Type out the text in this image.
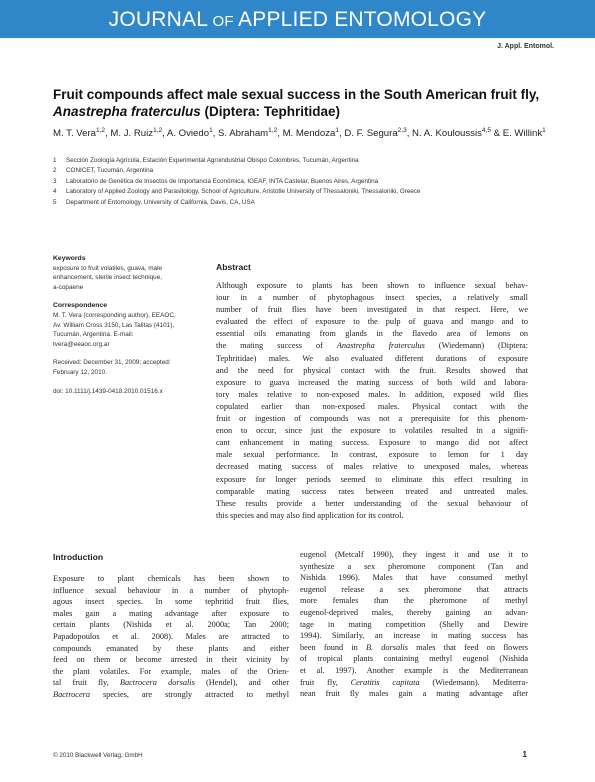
JOURNAL OF APPLIED ENTOMOLOGY
J. Appl. Entomol.
Fruit compounds affect male sexual success in the South American fruit fly, Anastrepha fraterculus (Diptera: Tephritidae)
M. T. Vera$^{1,2}$, M. J. Ruiz$^{1,2}$, A. Oviedo$^1$, S. Abraham$^{1,2}$, M. Mendoza$^1$, D. F. Segura$^{2,3}$, N. A. Kouloussis$^{4,5}$ & E. Willink$^1$
1	Sección Zoología Agrícola, Estación Experimental Agroindustrial Obispo Colombres, Tucumán, Argentina
2	CONICET, Tucumán, Argentina
3	Laboratorio de Genética de Insectos de Importancia Económica, IGEAF, INTA Castelar, Buenos Aires, Argentina
4	Laboratory of Applied Zoology and Parasitology, School of Agriculture, Aristotle University of Thessaloniki, Thessaloniki, Greece
5	Department of Entomology, University of California, Davis, CA, USA
Keywords
exposure to fruit volatiles, guava, male
enhancement, sterile insect technique,
a-copaene
Correspondence
M. T. Vera (corresponding author), EEAOC,
Av. William Cross 3150, Las Talitas (4101),
Tucumán, Argentina. E-mail:
tvera@eeaoc.org.ar
Received: December 31, 2009; accepted:
February 12, 2010.
doi: 10.1111/j.1439-0418.2010.01516.x
Abstract
Although exposure to plants has been shown to influence sexual behav-
iour in a number of phytophagous insect species, a relatively small
number of fruit flies have been investigated in that respect. Here, we
evaluated the effect of exposure to the pulp of guava and mango and to
essential oils emanating from glands in the flavedo area of lemons on
the mating success of Anastrepha fraterculus (Wiedemann) (Diptera:
Tephritidae) males. We also evaluated different durations of exposure
and the need for physical contact with the fruit. Results showed that
exposure to guava increased the mating success of both wild and labora-
tory males relative to non-exposed males. In addition, exposed wild flies
copulated earlier than non-exposed males. Physical contact with the
fruit or ingestion of compounds was not a prerequisite for this phenom-
enon to occur, since just the exposure to volatiles resulted in a signifi-
cant enhancement in mating success. Exposure to mango did not affect
male sexual performance. In contrast, exposure to lemon for 1 day
decreased mating success of males relative to unexposed males, whereas
exposure for longer periods seemed to eliminate this effect resulting in
comparable mating success rates between treated and untreated males.
These results provide a better understanding of the sexual behaviour of
this species and may also find application for its control.
Introduction
Exposure to plant chemicals has been shown to
influence sexual behaviour in a number of phytoph-
agous insect species. In some tephritid fruit flies,
males gain a mating advantage after exposure to
certain plants (Nishida et al. 2000a; Tan 2000;
Papadopoulos et al. 2008). Males are attracted to
compounds emanated by these plants and either
feed on them or become arrested in their vicinity by
the plant volatiles. For example, males of the Orien-
tal fruit fly, Bactrocera dorsalis (Hendel), and other
Bactrocera species, are strongly attracted to methyl
eugenol (Metcalf 1990), they ingest it and use it to
synthesize a sex pheromone component (Tan and
Nishida 1996). Males that have consumed methyl
eugenol release a sex pheromone that attracts
more females than the pheromone of methyl
eugenol-deprived males, thereby gaining an advan-
tage in mating competition (Shelly and Dewire
1994). Similarly, an increase in mating success has
been found in B. dorsalis males that feed on flowers
of tropical plants containing methyl eugenol (Nishida
et al. 1997). Another example is the Mediterranean
fruit fly, Ceratitis capitata (Wiedemann). Mediterra-
nean fruit fly males gain a mating advantage after
© 2010 Blackwell Verlag, GmbH	1
